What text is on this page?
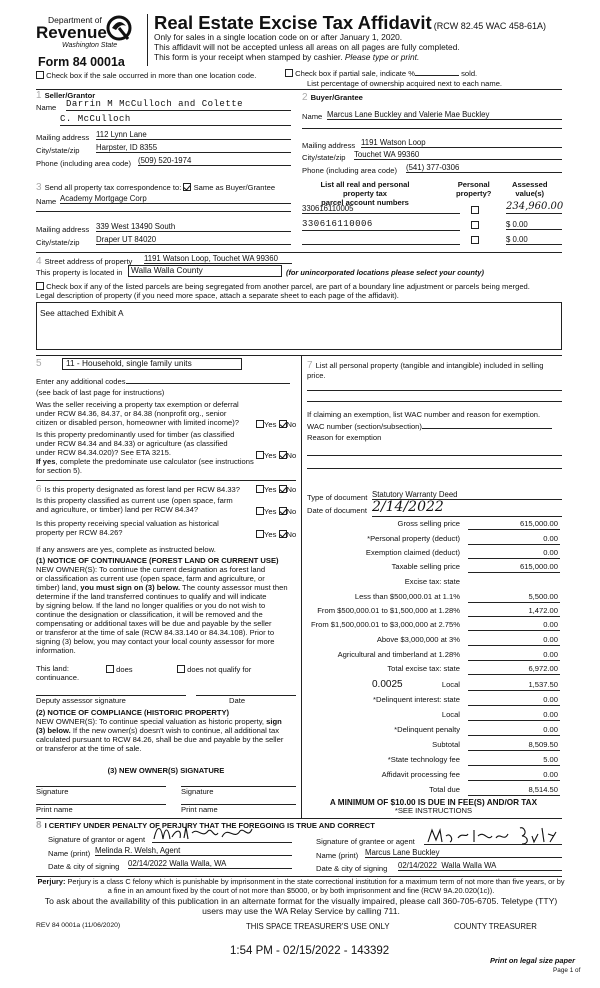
Department of
Revenue
Washington State
Form 84 0001a
Real Estate Excise Tax Affidavit (RCW 82.45 WAC 458-61A)
Only for sales in a single location code on or after January 1, 2020.
This affidavit will not be accepted unless all areas on all pages are fully completed.
This form is your receipt when stamped by cashier. Please type or print.
Check box if the sale occurred in more than one location code.	Check box if partial sale, indicate %	sold.
List percentage of ownership acquired next to each name.
1 Seller/Grantor
Name Darrin M McCulloch and Colette
C. McCulloch
Mailing address 112 Lynn Lane
City/state/zip Harpster, ID 8355
Phone (including area code) (509) 520-1974
2 Buyer/Grantee
Name Marcus Lane Buckley and Valerie Mae Buckley
Mailing address 1191 Watson Loop
City/state/zip Touchet WA 99360
Phone (including area code) (541) 377-0306
3 Send all property tax correspondence to: Same as Buyer/Grantee
Name Academy Mortgage Corp
Mailing address 339 West 13490 South
City/state/zip Draper UT 84020
List all real and personal property tax
parcel account numbers
Personal
property?
Assessed
value(s)
330616110005	234,960.00
330616110006	$ 0.00
$ 0.00
4 Street address of property 1191 Watson Loop, Touchet WA 99360
This property is located in	Walla Walla County	(for unincorporated locations please select your county)
Check box if any of the listed parcels are being segregated from another parcel, are part of a boundary line adjustment or parcels being merged.
Legal description of property (if you need more space, attach a separate sheet to each page of the affidavit).
See attached Exhibit A
5	11 - Household, single family units
Enter any additional codes
(see back of last page for instructions)
Was the seller receiving a property tax exemption or deferral
under RCW 84.36, 84.37, or 84.38 (nonprofit org., senior
citizen or disabled person, homeowner with limited income)?	Yes No
Is this property predominantly used for timber (as classified
under RCW 84.34 and 84.33) or agriculture (as classified
under RCW 84.34.020)? See ETA 3215.
If yes, complete the predominate use calculator (see instructions
for section 5).
Yes No
6 Is this property designated as forest land per RCW 84.33?	Yes No
Is this property classified as current use (open space, farm
and agriculture, or timber) land per RCW 84.34?	Yes No
Is this property receiving special valuation as historical
property per RCW 84.26?	Yes No
If any answers are yes, complete as instructed below.
(1) NOTICE OF CONTINUANCE (FOREST LAND OR CURRENT USE)
NEW OWNER(S): To continue the current designation as forest land
or classification as current use (open space, farm and agriculture, or
timber) land, you must sign on (3) below. The county assessor must then
determine if the land transferred continues to qualify and will indicate
by signing below. If the land no longer qualifies or you do not wish to
continue the designation or classification, it will be removed and the
compensating or additional taxes will be due and payable by the seller
or transferor at the time of sale (RCW 84.33.140 or 84.34.108). Prior to
signing (3) below, you may contact your local county assessor for more
information.
This land:
continuance.
does	does not qualify for
Deputy assessor signature	Date
(2) NOTICE OF COMPLIANCE (HISTORIC PROPERTY)
NEW OWNER(S): To continue special valuation as historic property, sign
(3) below. If the new owner(s) doesn't wish to continue, all additional tax
calculated pursuant to RCW 84.26, shall be due and payable by the seller
or transferor at the time of sale.
(3) NEW OWNER(S) SIGNATURE
Signature	Signature
Print name	Print name
7 List all personal property (tangible and intangible) included in selling price.
If claiming an exemption, list WAC number and reason for exemption.
WAC number (section/subsection)
Reason for exemption
Type of document Statutory Warranty Deed
Date of document 2/14/2022
Gross selling price	615,000.00
*Personal property (deduct)	0.00
Exemption claimed (deduct)	0.00
Taxable selling price	615,000.00
Excise tax: state
Less than $500,000.01 at 1.1%	5,500.00
From $500,000.01 to $1,500,000 at 1.28%	1,472.00
From $1,500,000.01 to $3,000,000 at 2.75%	0.00
Above $3,000,000 at 3%	0.00
Agricultural and timberland at 1.28%	0.00
Total excise tax: state	6,972.00
0.0025	Local	1,537.50
*Delinquent interest: state	0.00
Local	0.00
*Delinquent penalty	0.00
Subtotal	8,509.50
*State technology fee	5.00
Affidavit processing fee	0.00
Total due	8,514.50
A MINIMUM OF $10.00 IS DUE IN FEE(S) AND/OR TAX
*SEE INSTRUCTIONS
8 I CERTIFY UNDER PENALTY OF PERJURY THAT THE FOREGOING IS TRUE AND CORRECT
Signature of grantor or agent
Name (print) Melinda R. Welsh, Agent
Date & city of signing 02/14/2022 Walla Walla, WA
Signature of grantee or agent
Name (print) Marcus Lane Buckley
Date & city of signing 02/14/2022  Walla Walla WA
Perjury: Perjury is a class C felony which is punishable by imprisonment in the state correctional institution for a maximum term of not more than five years, or by a fine in an amount fixed by the court of not more than $5000, or by both imprisonment and fine (RCW 9A.20.020(1c)).
To ask about the availability of this publication in an alternate format for the visually impaired, please call 360-705-6705. Teletype (TTY) users may use the WA Relay Service by calling 711.
REV 84 0001a (11/06/2020)	THIS SPACE TREASURER'S USE ONLY	COUNTY TREASURER
1:54 PM - 02/15/2022 - 143392
Print on legal size paper
Page 1 of
